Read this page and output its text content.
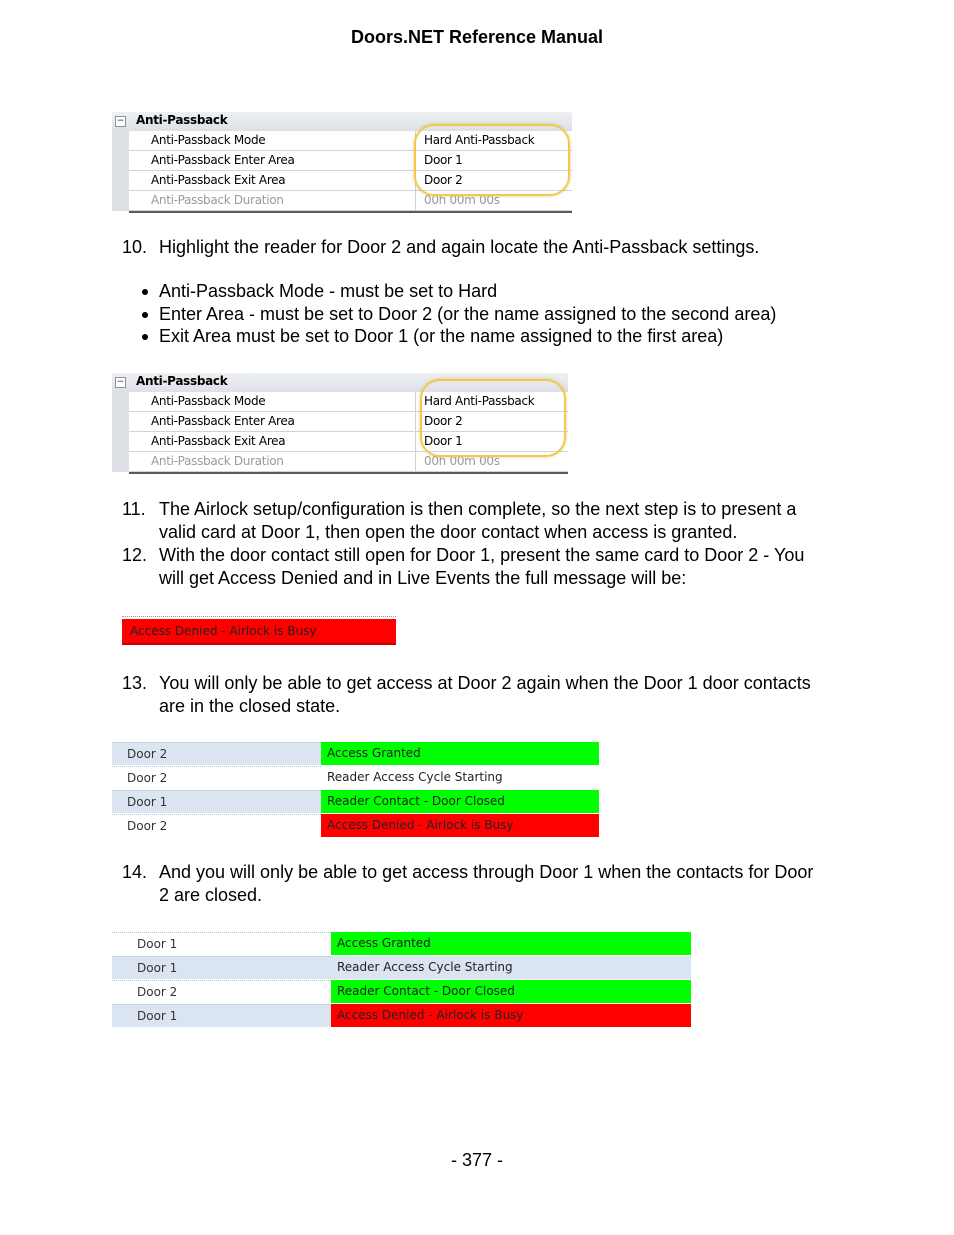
Doors.NET Reference Manual
− Anti-Passback
Anti-Passback Mode	Hard Anti-Passback
Anti-Passback Enter Area	Door 1
Anti-Passback Exit Area	Door 2
Anti-Passback Duration	00h 00m 00s
10. Highlight the reader for Door 2 and again locate the Anti-Passback settings.
Anti-Passback Mode - must be set to Hard
Enter Area - must be set to Door 2 (or the name assigned to the second area)
Exit Area must be set to Door 1 (or the name assigned to the first area)
− Anti-Passback
Anti-Passback Mode	Hard Anti-Passback
Anti-Passback Enter Area	Door 2
Anti-Passback Exit Area	Door 1
Anti-Passback Duration	00h 00m 00s
11. The Airlock setup/configuration is then complete, so the next step is to present a
valid card at Door 1, then open the door contact when access is granted.
12. With the door contact still open for Door 1, present the same card to Door 2 - You
will get Access Denied and in Live Events the full message will be:
Access Denied - Airlock is Busy
13. You will only be able to get access at Door 2 again when the Door 1 door contacts
are in the closed state.
Door 2	Access Granted
Door 2	Reader Access Cycle Starting
Door 1	Reader Contact - Door Closed
Door 2	Access Denied - Airlock is Busy
14. And you will only be able to get access through Door 1 when the contacts for Door
2 are closed.
Door 1	Access Granted
Door 1	Reader Access Cycle Starting
Door 2	Reader Contact - Door Closed
Door 1	Access Denied - Airlock is Busy
- 377 -
